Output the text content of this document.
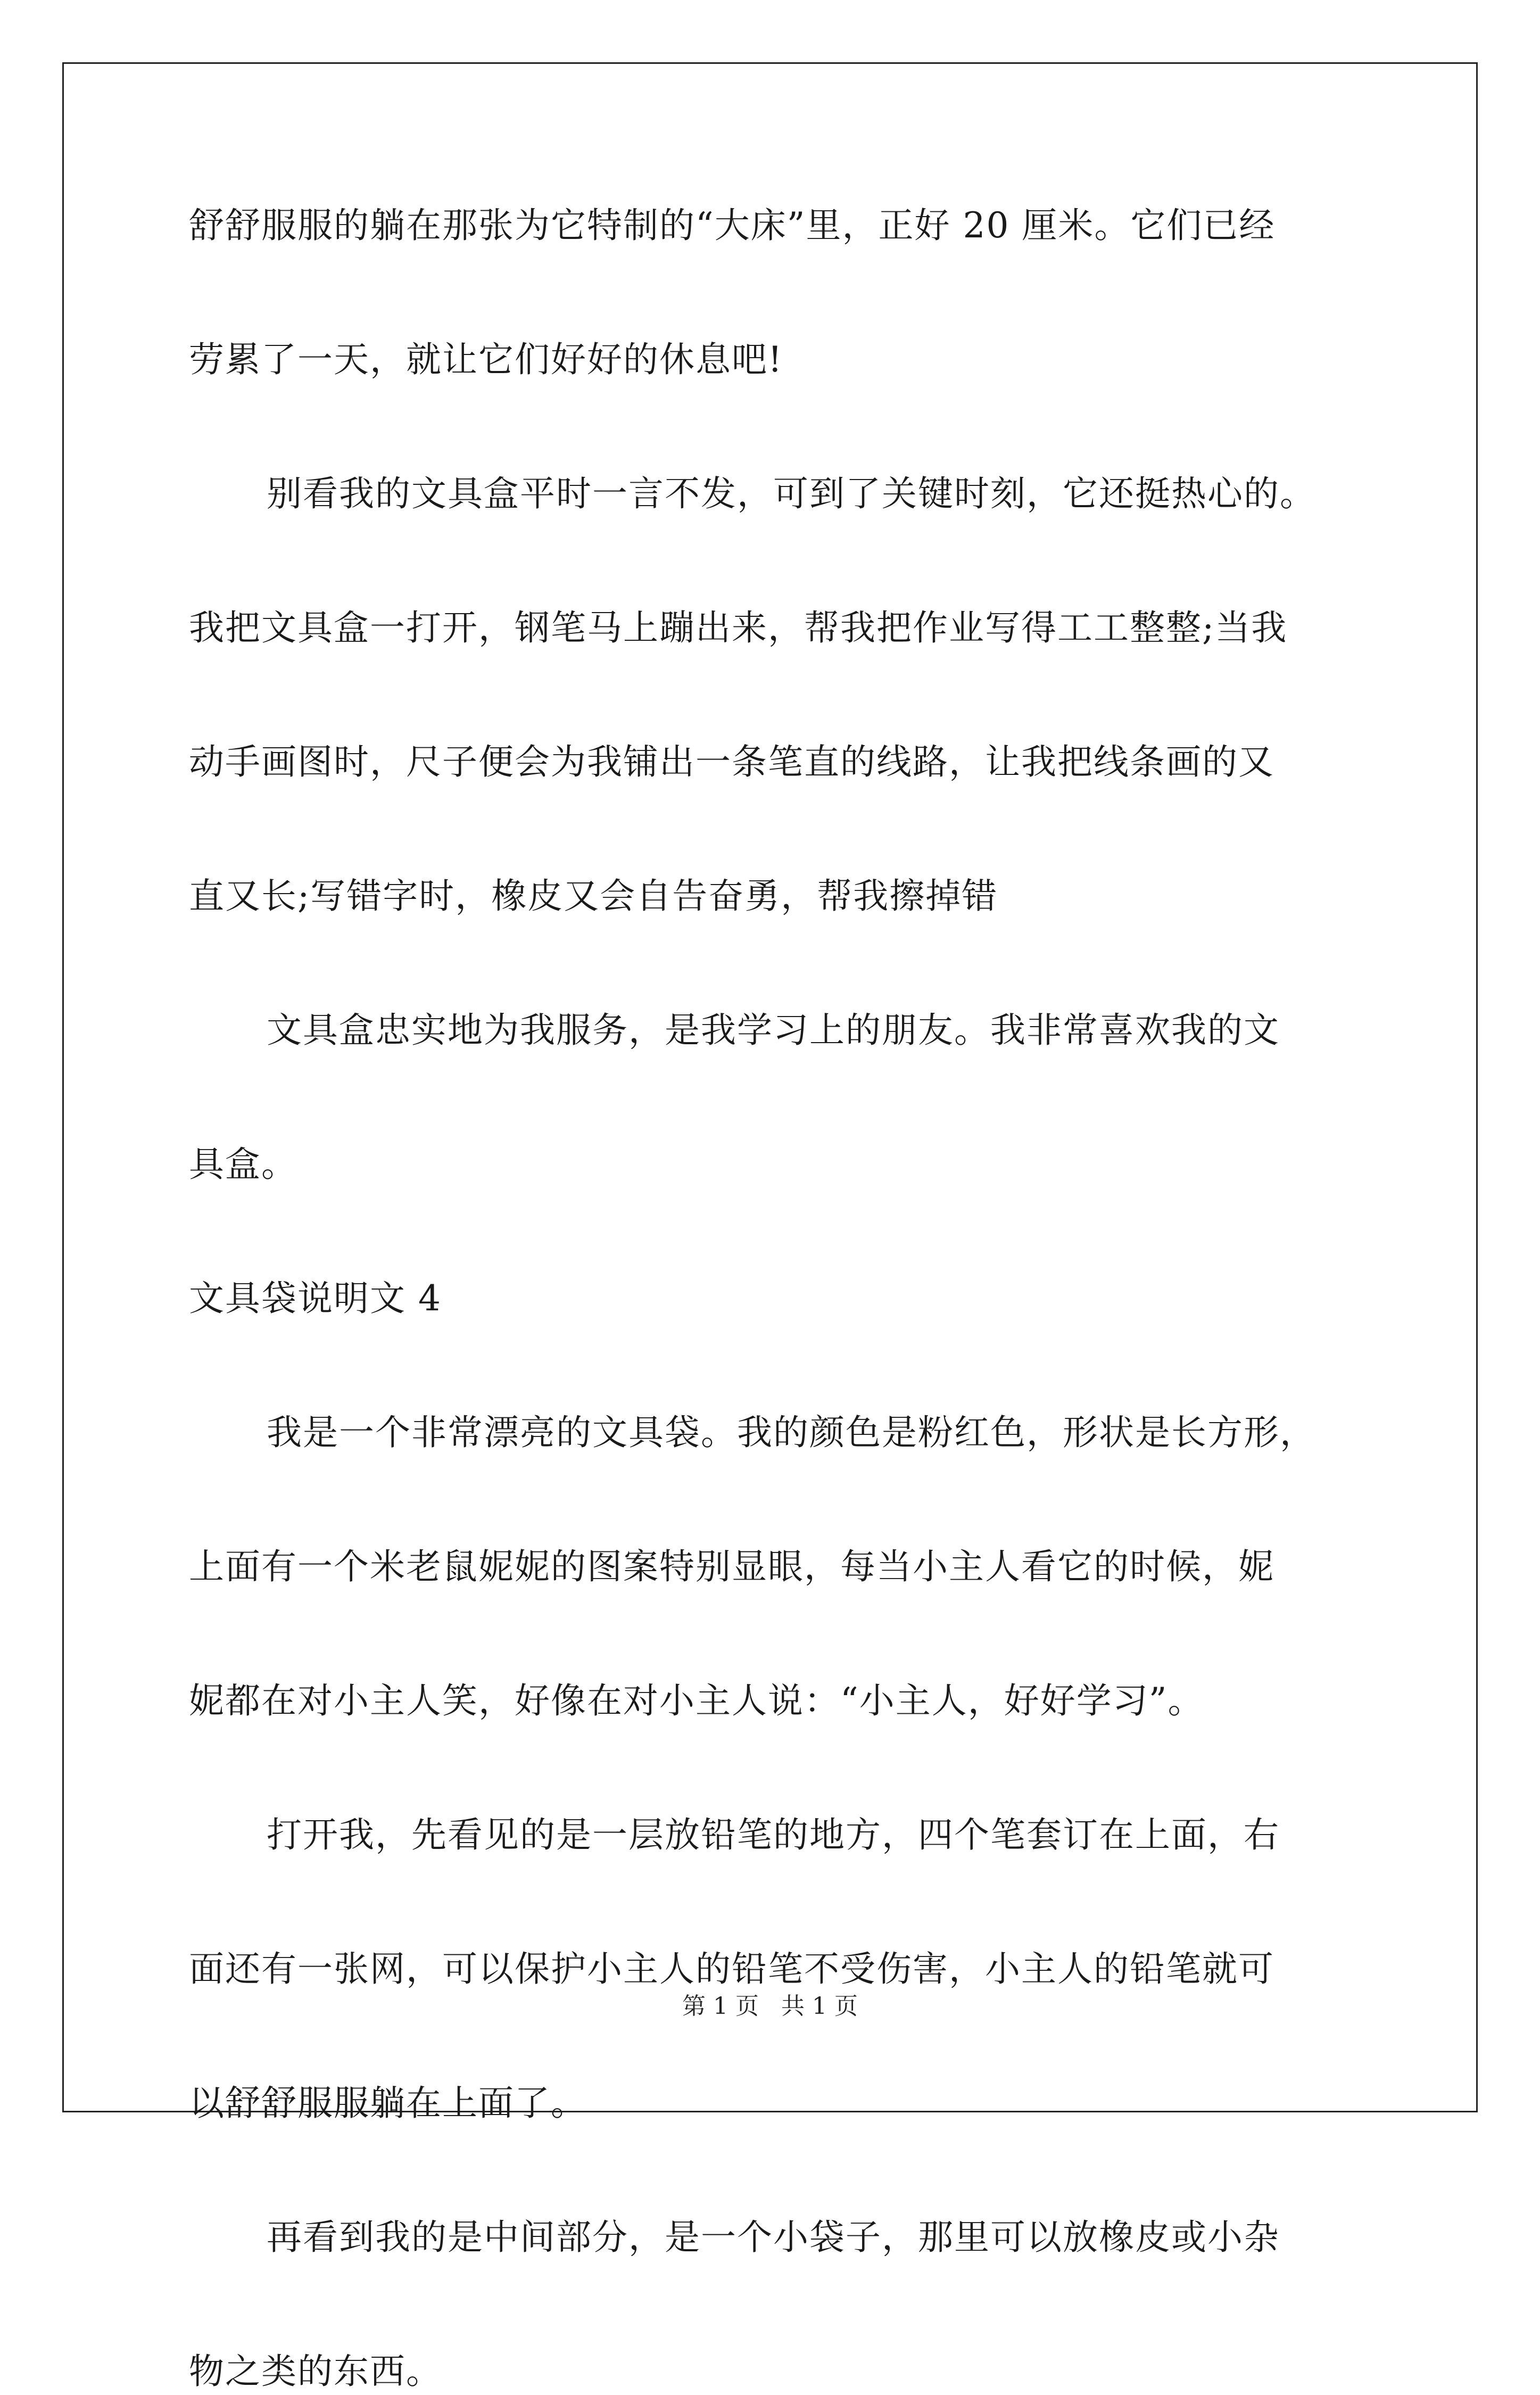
舒舒服服的躺在那张为它特制的“大床”里，正好 20 厘米。它们已经

劳累了一天，就让它们好好的休息吧!

别看我的文具盒平时一言不发，可到了关键时刻，它还挺热心的。

我把文具盒一打开，钢笔马上蹦出来，帮我把作业写得工工整整;当我

动手画图时，尺子便会为我铺出一条笔直的线路，让我把线条画的又

直又长;写错字时，橡皮又会自告奋勇，帮我擦掉错

文具盒忠实地为我服务，是我学习上的朋友。我非常喜欢我的文

具盒。

文具袋说明文 4

我是一个非常漂亮的文具袋。我的颜色是粉红色，形状是长方形，

上面有一个米老鼠妮妮的图案特别显眼，每当小主人看它的时候，妮

妮都在对小主人笑，好像在对小主人说：“小主人，好好学习”。

打开我，先看见的是一层放铅笔的地方，四个笔套订在上面，右

面还有一张网，可以保护小主人的铅笔不受伤害，小主人的铅笔就可

以舒舒服服躺在上面了。

再看到我的是中间部分，是一个小袋子，那里可以放橡皮或小杂

物之类的东西。

第 1 页 共 1 页
